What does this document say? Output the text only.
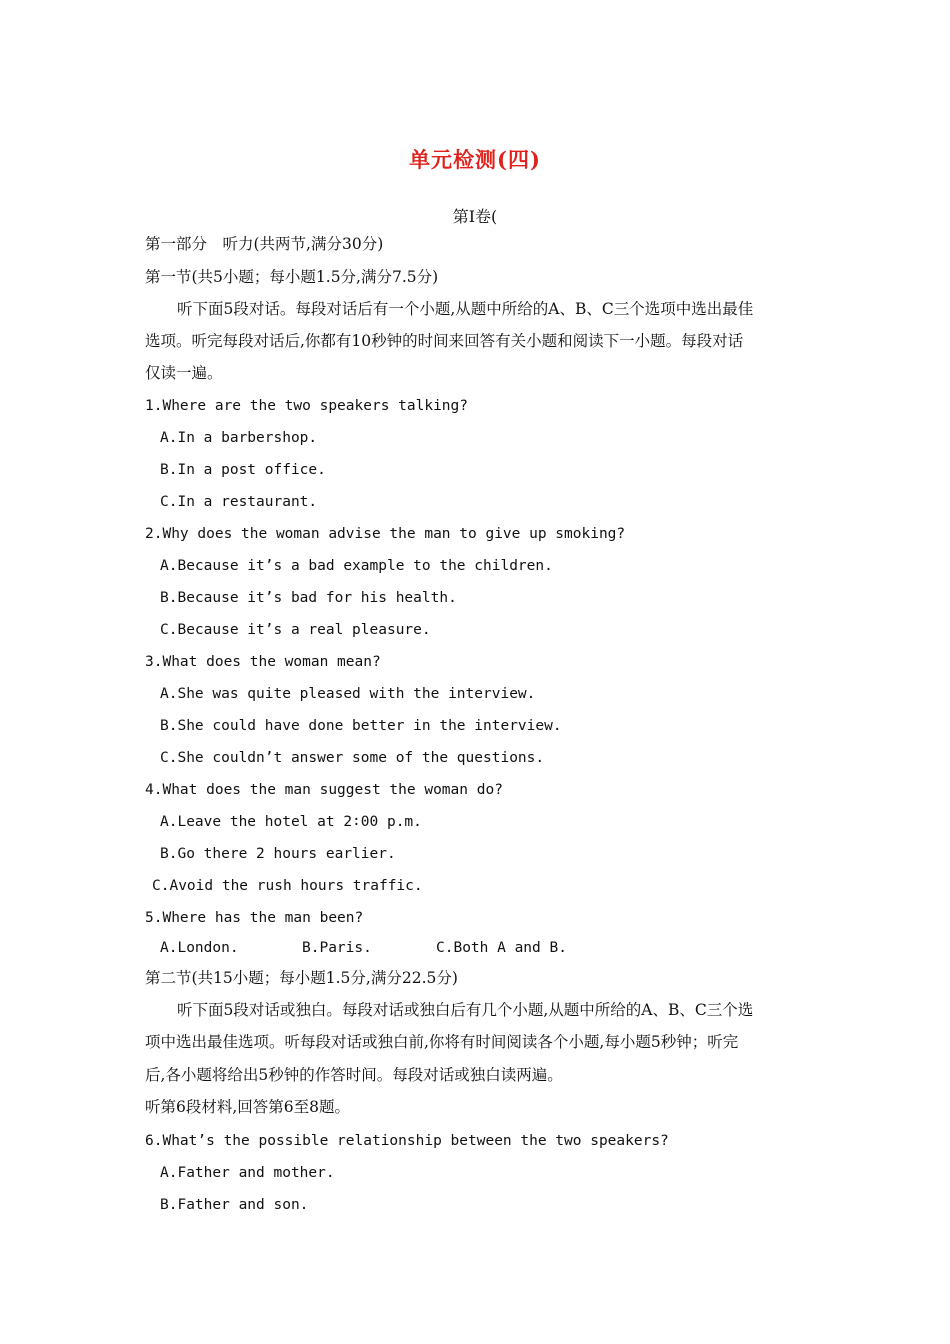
单元检测(四)
第Ⅰ卷(
第一部分　听力(共两节,满分30分)
第一节(共5小题；每小题1.5分,满分7.5分)
听下面5段对话。每段对话后有一个小题,从题中所给的A、B、C三个选项中选出最佳
选项。听完每段对话后,你都有10秒钟的时间来回答有关小题和阅读下一小题。每段对话
仅读一遍。
1.Where are the two speakers talking?
A.In a barbershop.
B.In a post office.
C.In a restaurant.
2.Why does the woman advise the man to give up smoking?
A.Because it’s a bad example to the children.
B.Because it’s bad for his health.
C.Because it’s a real pleasure.
3.What does the woman mean?
A.She was quite pleased with the interview.
B.She could have done better in the interview.
C.She couldn’t answer some of the questions.
4.What does the man suggest the woman do?
A.Leave the hotel at 2∶00 p.m.
B.Go there 2 hours earlier.
C.Avoid the rush hours traffic.
5.Where has the man been?
A.London.	B.Paris.	C.Both A and B.
第二节(共15小题；每小题1.5分,满分22.5分)
听下面5段对话或独白。每段对话或独白后有几个小题,从题中所给的A、B、C三个选
项中选出最佳选项。听每段对话或独白前,你将有时间阅读各个小题,每小题5秒钟；听完
后,各小题将给出5秒钟的作答时间。每段对话或独白读两遍。
听第6段材料,回答第6至8题。
6.What’s the possible relationship between the two speakers?
A.Father and mother.
B.Father and son.
